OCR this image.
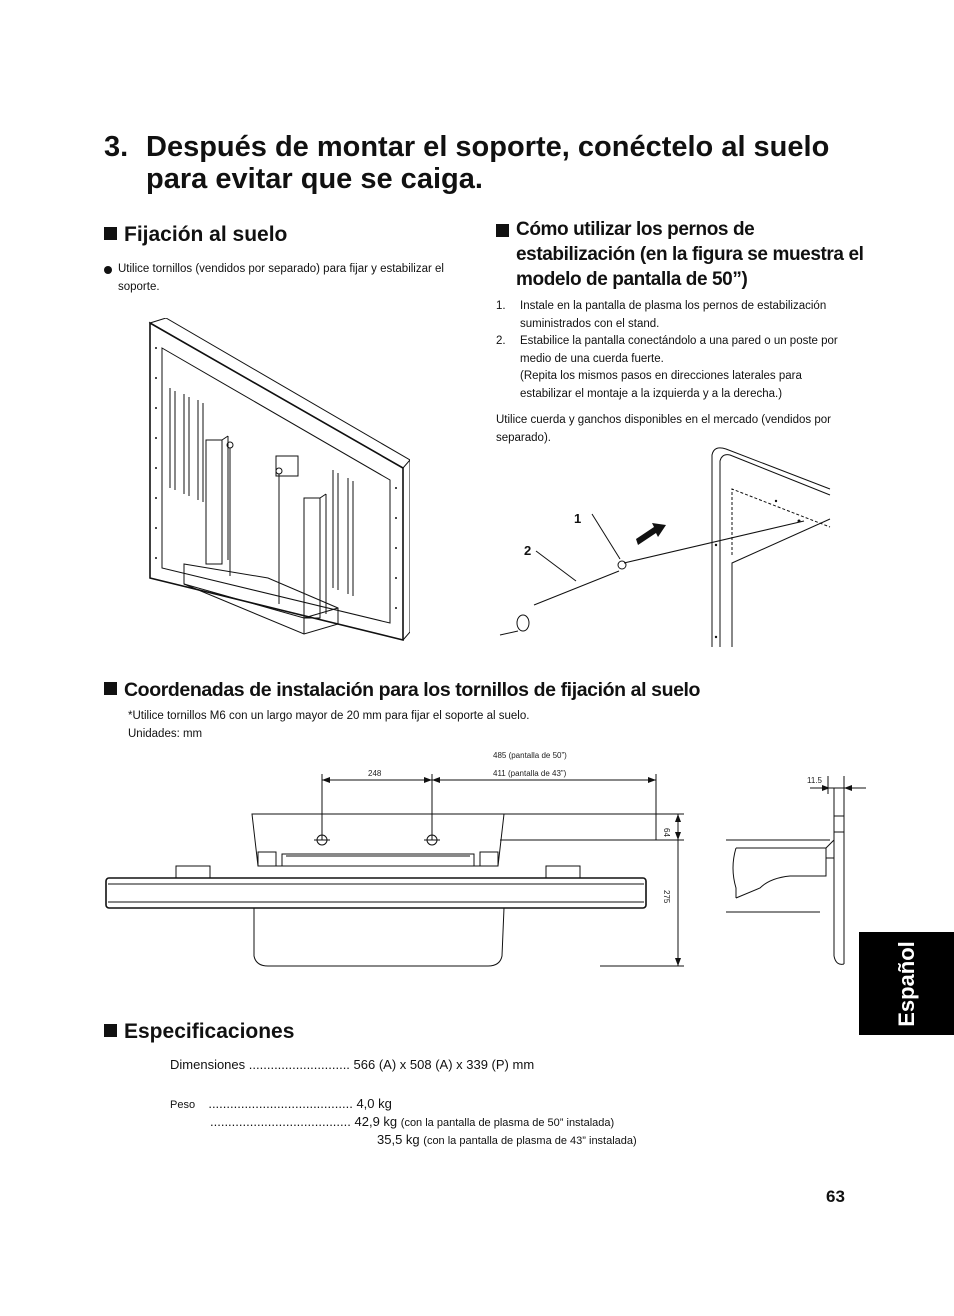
3. Después de montar el soporte, conéctelo al suelo para evitar que se caiga.
Fijación al suelo
Utilice tornillos (vendidos por separado) para fijar y estabilizar el soporte.
Cómo utilizar los pernos de estabilización (en la figura se muestra el modelo de pantalla de 50”)
1. Instale en la pantalla de plasma los pernos de estabilización suministrados con el stand.
2. Estabilice la pantalla conectándolo a una pared o un poste por medio de una cuerda fuerte.
(Repita los mismos pasos en direcciones laterales para estabilizar el montaje a la izquierda y a la derecha.)
Utilice cuerda y ganchos disponibles en el mercado (vendidos por separado).
1
2
Coordenadas de instalación para los tornillos de fijación al suelo
*Utilice tornillos M6 con un largo mayor de 20 mm para fijar el soporte al suelo.
Unidades: mm
248
485 (pantalla de 50”)
411 (pantalla de 43”)
64
275
11.5
Especificaciones
Dimensiones ............................ 566 (A) x 508 (A) x 339 (P) mm
Peso ........................................ 4,0 kg
....................................... 42,9 kg (con la pantalla de plasma de 50” instalada)
35,5 kg (con la pantalla de plasma de 43” instalada)
Español
63
